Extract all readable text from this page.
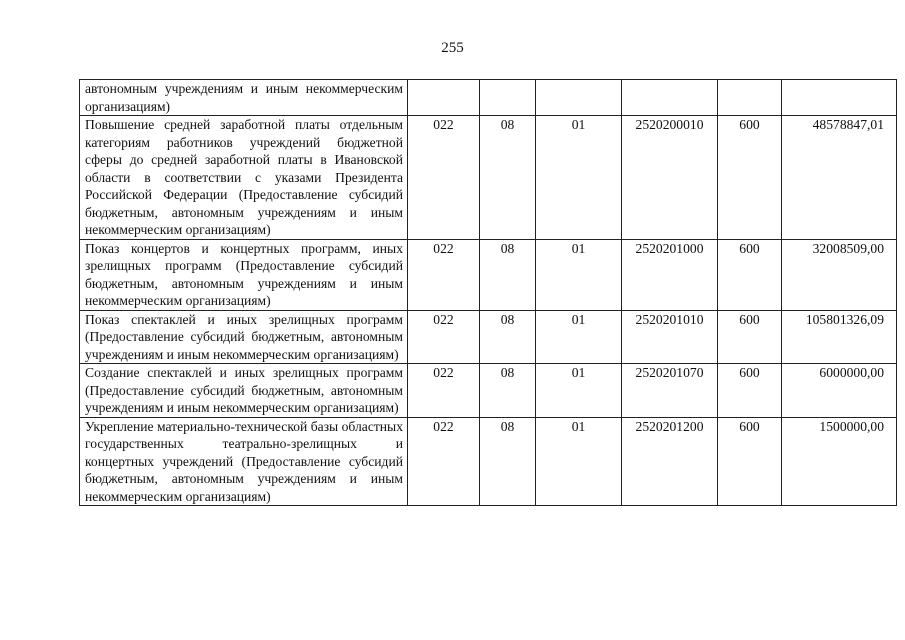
255
автономным учреждениям и иным некоммерческим организациям)						
Повышение средней заработной платы отдельным категориям работников учреждений бюджетной сферы до средней заработной платы в Ивановской области в соответствии с указами Президента Российской Федерации (Предоставление субсидий бюджетным, автономным учреждениям и иным некоммерческим организациям)	022	08	01	2520200010	600	48578847,01
Показ концертов и концертных программ, иных зрелищных программ (Предоставление субсидий бюджетным, автономным учреждениям и иным некоммерческим организациям)	022	08	01	2520201000	600	32008509,00
Показ спектаклей и иных зрелищных программ (Предоставление субсидий бюджетным, автономным учреждениям и иным некоммерческим организациям)	022	08	01	2520201010	600	105801326,09
Создание спектаклей и иных зрелищных программ (Предоставление субсидий бюджетным, автономным учреждениям и иным некоммерческим организациям)	022	08	01	2520201070	600	6000000,00
Укрепление материально-технической базы областных государственных театрально-зрелищных и концертных учреждений (Предоставление субсидий бюджетным, автономным учреждениям и иным некоммерческим организациям)	022	08	01	2520201200	600	1500000,00
